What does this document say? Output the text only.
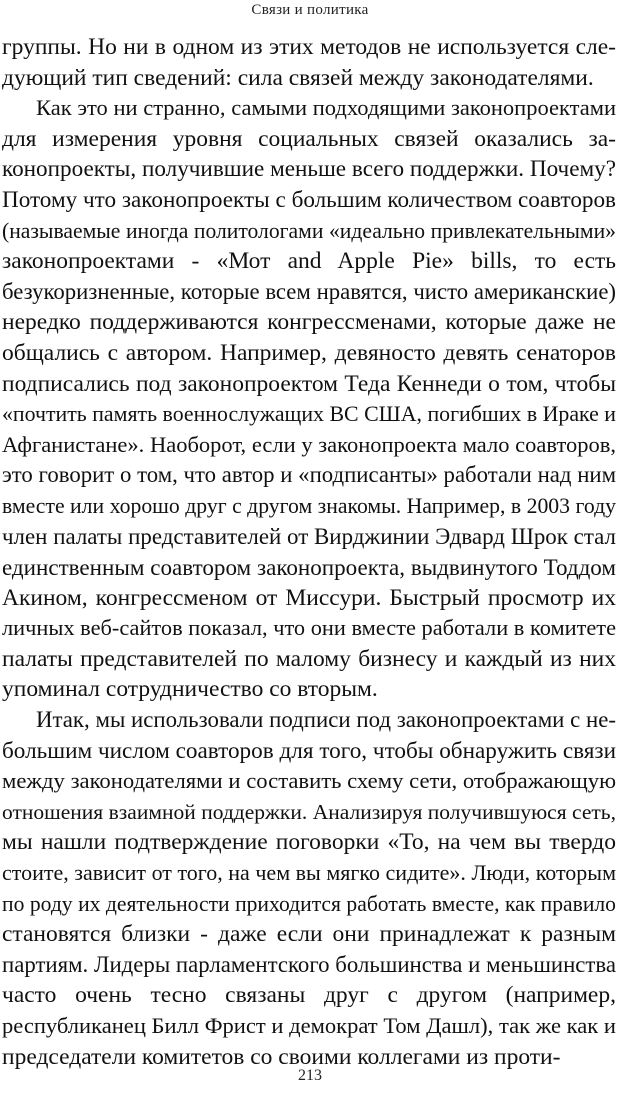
Связи и политика
группы. Но ни в одном из этих методов не используется сле-
дующий тип сведений: сила связей между законодателями.
Как это ни странно, самыми подходящими законопроектами
для измерения уровня социальных связей оказались за-
конопроекты, получившие меньше всего поддержки. Почему?
Потому что законопроекты с большим количеством соавторов
(называемые иногда политологами «идеально привлекательными»
законопроектами - «Мот and Apple Pie» bills, то есть
безукоризненные, которые всем нравятся, чисто американские)
нередко поддерживаются конгрессменами, которые даже не
общались с автором. Например, девяносто девять сенаторов
подписались под законопроектом Теда Кеннеди о том, чтобы
«почтить память военнослужащих ВС США, погибших в Ираке и
Афганистане». Наоборот, если у законопроекта мало соавторов,
это говорит о том, что автор и «подписанты» работали над ним
вместе или хорошо друг с другом знакомы. Например, в 2003 году
член палаты представителей от Вирджинии Эдвард Шрок стал
единственным соавтором законопроекта, выдвинутого Тоддом
Акином, конгрессменом от Миссури. Быстрый просмотр их
личных веб-сайтов показал, что они вместе работали в комитете
палаты представителей по малому бизнесу и каждый из них
упоминал сотрудничество со вторым.
Итак, мы использовали подписи под законопроектами с не-
большим числом соавторов для того, чтобы обнаружить связи
между законодателями и составить схему сети, отображающую
отношения взаимной поддержки. Анализируя получившуюся сеть,
мы нашли подтверждение поговорки «То, на чем вы твердо
стоите, зависит от того, на чем вы мягко сидите». Люди, которым
по роду их деятельности приходится работать вместе, как правило
становятся близки - даже если они принадлежат к разным
партиям. Лидеры парламентского большинства и меньшинства
часто очень тесно связаны друг с другом (например,
республиканец Билл Фрист и демократ Том Дашл), так же как и
председатели комитетов со своими коллегами из проти-
213
